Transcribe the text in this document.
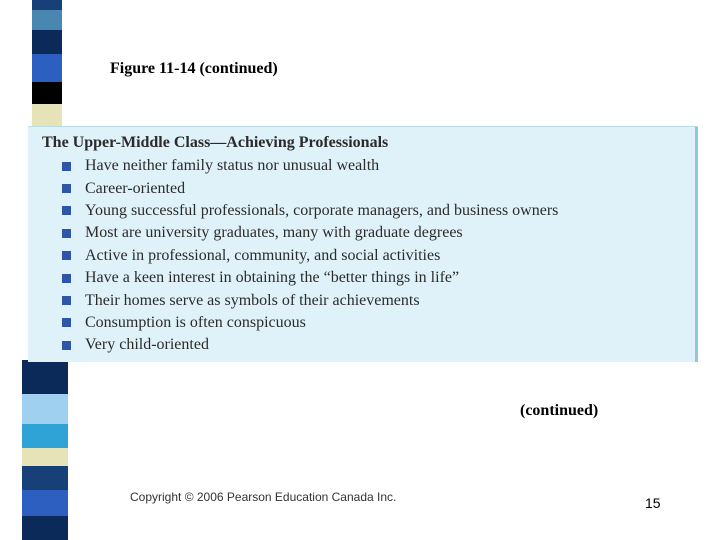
Figure 11-14 (continued)
The Upper-Middle Class—Achieving Professionals
Have neither family status nor unusual wealth
Career-oriented
Young successful professionals, corporate managers, and business owners
Most are university graduates, many with graduate degrees
Active in professional, community, and social activities
Have a keen interest in obtaining the “better things in life”
Their homes serve as symbols of their achievements
Consumption is often conspicuous
Very child-oriented
(continued)
Copyright © 2006 Pearson Education Canada Inc.	15
